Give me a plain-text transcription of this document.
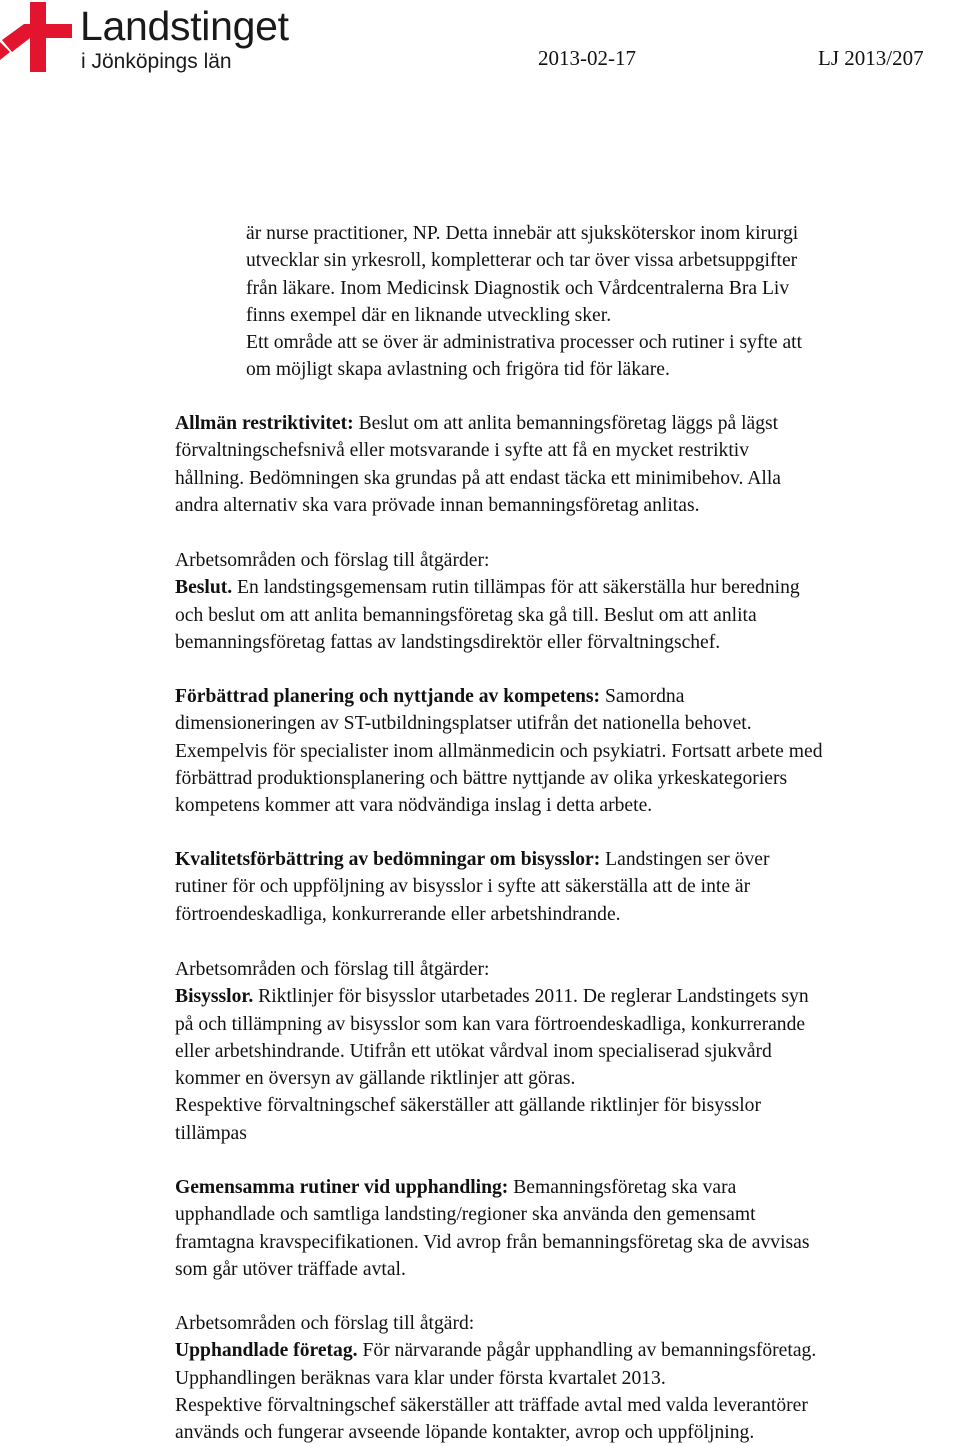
Landstinget
i Jönköpings län	2013-02-17	LJ 2013/207
är nurse practitioner, NP. Detta innebär att sjuksköterskor inom kirurgi
utvecklar sin yrkesroll, kompletterar och tar över vissa arbetsuppgifter
från läkare. Inom Medicinsk Diagnostik och Vårdcentralerna Bra Liv
finns exempel där en liknande utveckling sker.
Ett område att se över är administrativa processer och rutiner i syfte att
om möjligt skapa avlastning och frigöra tid för läkare.
Allmän restriktivitet: Beslut om att anlita bemanningsföretag läggs på lägst
förvaltningschefsnivå eller motsvarande i syfte att få en mycket restriktiv
hållning. Bedömningen ska grundas på att endast täcka ett minimibehov. Alla
andra alternativ ska vara prövade innan bemanningsföretag anlitas.
Arbetsområden och förslag till åtgärder:
Beslut. En landstingsgemensam rutin tillämpas för att säkerställa hur beredning
och beslut om att anlita bemanningsföretag ska gå till. Beslut om att anlita
bemanningsföretag fattas av landstingsdirektör eller förvaltningschef.
Förbättrad planering och nyttjande av kompetens: Samordna
dimensioneringen av ST-utbildningsplatser utifrån det nationella behovet.
Exempelvis för specialister inom allmänmedicin och psykiatri. Fortsatt arbete med
förbättrad produktionsplanering och bättre nyttjande av olika yrkeskategoriers
kompetens kommer att vara nödvändiga inslag i detta arbete.
Kvalitetsförbättring av bedömningar om bisysslor: Landstingen ser över
rutiner för och uppföljning av bisysslor i syfte att säkerställa att de inte är
förtroendeskadliga, konkurrerande eller arbetshindrande.
Arbetsområden och förslag till åtgärder:
Bisysslor. Riktlinjer för bisysslor utarbetades 2011. De reglerar Landstingets syn
på och tillämpning av bisysslor som kan vara förtroendeskadliga, konkurrerande
eller arbetshindrande. Utifrån ett utökat vårdval inom specialiserad sjukvård
kommer en översyn av gällande riktlinjer att göras.
Respektive förvaltningschef säkerställer att gällande riktlinjer för bisysslor
tillämpas
Gemensamma rutiner vid upphandling: Bemanningsföretag ska vara
upphandlade och samtliga landsting/regioner ska använda den gemensamt
framtagna kravspecifikationen. Vid avrop från bemanningsföretag ska de avvisas
som går utöver träffade avtal.
Arbetsområden och förslag till åtgärd:
Upphandlade företag. För närvarande pågår upphandling av bemanningsföretag.
Upphandlingen beräknas vara klar under första kvartalet 2013.
Respektive förvaltningschef säkerställer att träffade avtal med valda leverantörer
används och fungerar avseende löpande kontakter, avrop och uppföljning.
